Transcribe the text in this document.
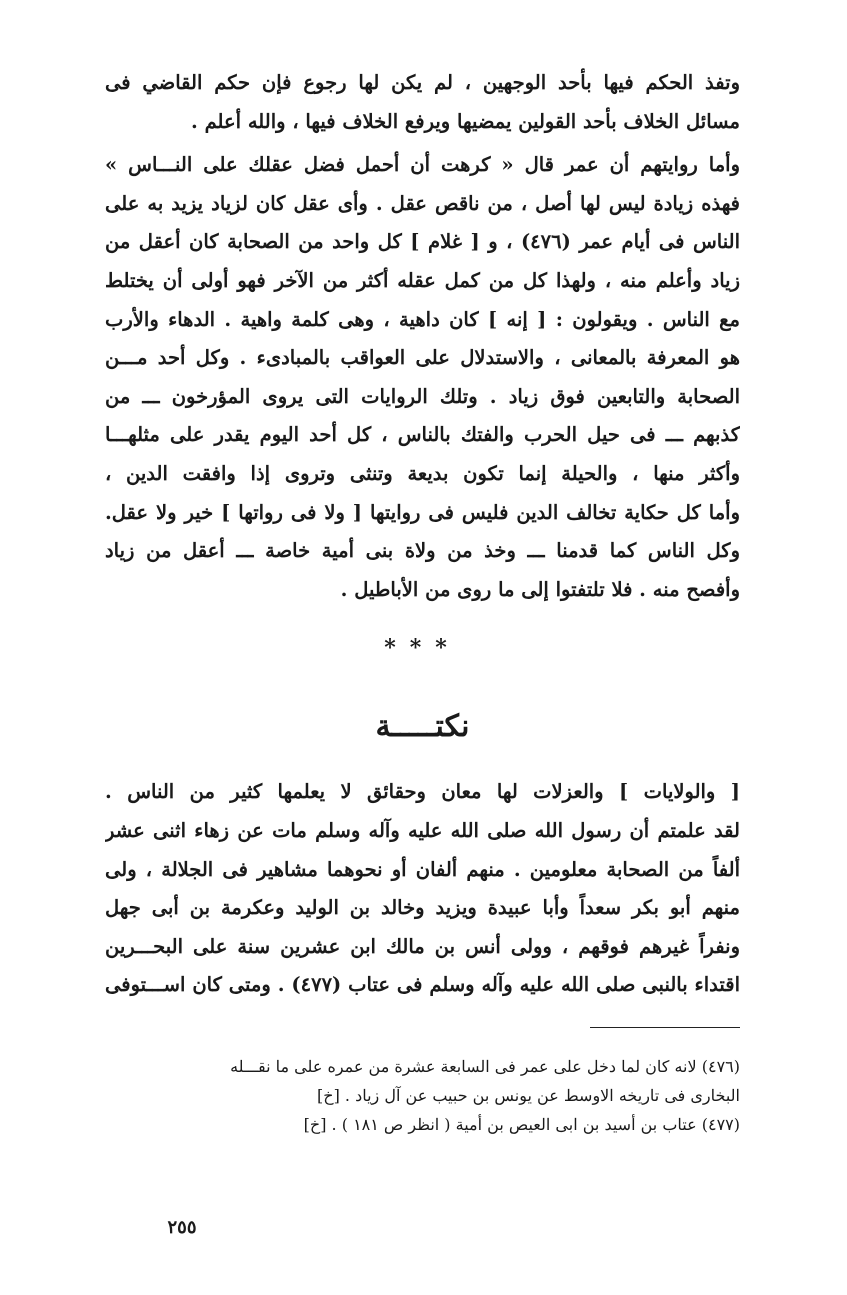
وتفذ الحكم فيها بأحد الوجهين ، لم يكن لها رجوع فإن حكم القاضي فى
مسائل الخلاف بأحد القولين يمضيها ويرفع الخلاف فيها ، والله أعلم .
وأما روايتهم أن عمر قال « كرهت أن أحمل فضل عقلك على النـــاس »
فهذه زيادة ليس لها أصل ، من ناقص عقل . وأى عقل كان لزياد يزيد به على
الناس فى أيام عمر (٤٧٦) ، و [ غلام ] كل واحد من الصحابة كان أعقل من
زياد وأعلم منه ، ولهذا كل من كمل عقله أكثر من الآخر فهو أولى أن يختلط
مع الناس . ويقولون : [ إنه ] كان داهية ، وهى كلمة واهية . الدهاء والأرب
هو المعرفة بالمعانى ، والاستدلال على العواقب بالمبادىء . وكل أحد مـــن
الصحابة والتابعين فوق زياد . وتلك الروايات التى يروى المؤرخون ـــ من
كذبهم ـــ فى حيل الحرب والفتك بالناس ، كل أحد اليوم يقدر على مثلهـــا
وأكثر منها ، والحيلة إنما تكون بديعة وتنثى وتروى إذا وافقت الدين ،
وأما كل حكاية تخالف الدين فليس فى روايتها [ ولا فى رواتها ] خير ولا عقل.
وكل الناس كما قدمنا ـــ وخذ من ولاة بنى أمية خاصة ـــ أعقل من زياد
وأفصح منه . فلا تلتفتوا إلى ما روى من الأباطيل .
***
نكتـــــة
[ والولايات ] والعزلات لها معان وحقائق لا يعلمها كثير من الناس .
لقد علمتم أن رسول الله صلى الله عليه وآله وسلم مات عن زهاء اثنى عشر
ألفاً من الصحابة معلومين . منهم ألفان أو نحوهما مشاهير فى الجلالة ، ولى
منهم أبو بكر سعداً وأبا عبيدة ويزيد وخالد بن الوليد وعكرمة بن أبى جهل
ونفراً غيرهم فوقهم ، وولى أنس بن مالك ابن عشرين سنة على البحـــرين
اقتداء بالنبى صلى الله عليه وآله وسلم فى عتاب (٤٧٧) . ومتى كان اســـتوفى
(٤٧٦) لانه كان لما دخل على عمر فى السابعة عشرة من عمره على ما نقـــله
البخارى فى تاريخه الاوسط عن يونس بن حبيب عن آل زياد . [خ]
(٤٧٧) عتاب بن أسيد بن ابى العيص بن أمية ( انظر ص ١٨١ ) . [خ]
٢٥٥
